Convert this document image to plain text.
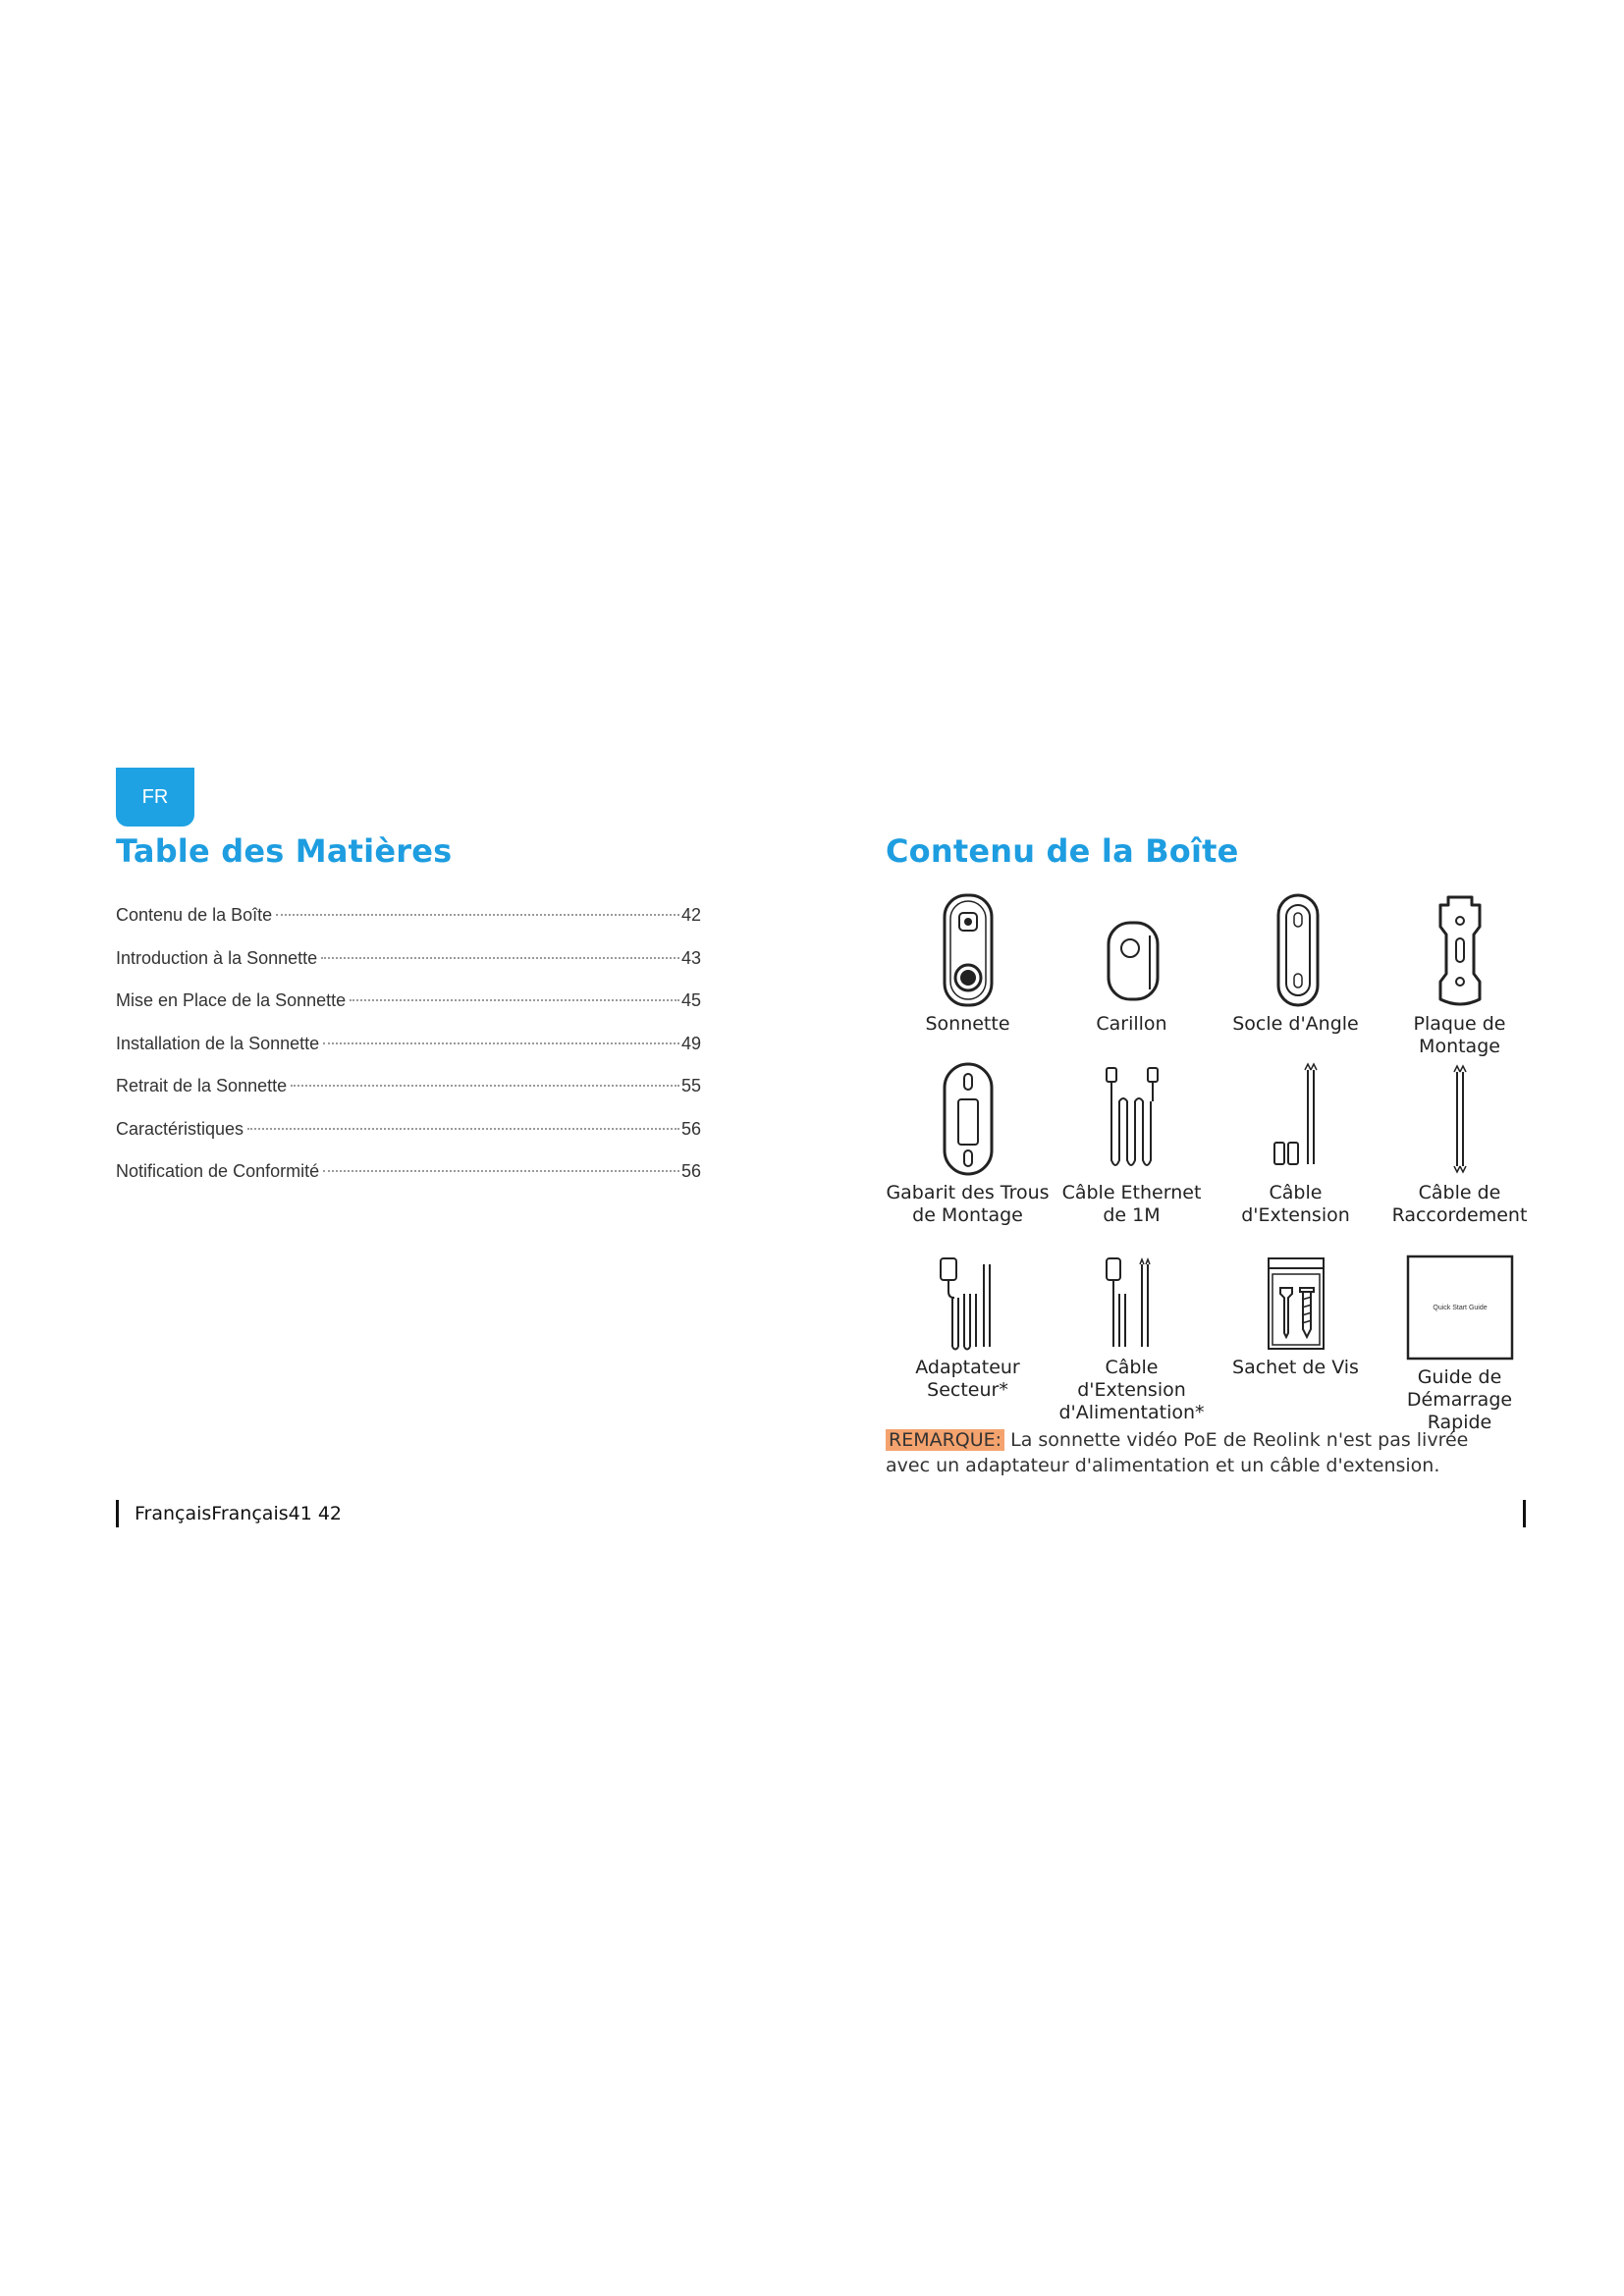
FR
Table des Matières	Contenu de la Boîte
Contenu de la Boîte	42
Introduction à la Sonnette	43
Mise en Place de la Sonnette	45
Installation de la Sonnette	49
Retrait de la Sonnette	55
Caractéristiques	56
Notification de Conformité	56
Sonnette	Carillon	Socle d'Angle	Plaque de Montage
Gabarit des Trous de Montage
Câble Ethernet de 1M
Câble d'Extension
Câble de Raccordement
Adaptateur Secteur*
Câble d'Extension d'Alimentation*
Sachet de Vis
Quick Start Guide
Guide de Démarrage Rapide
REMARQUE: La sonnette vidéo PoE de Reolink n'est pas livrée avec un adaptateur d'alimentation et un câble d'extension.
FrançaisFrançais41 42
